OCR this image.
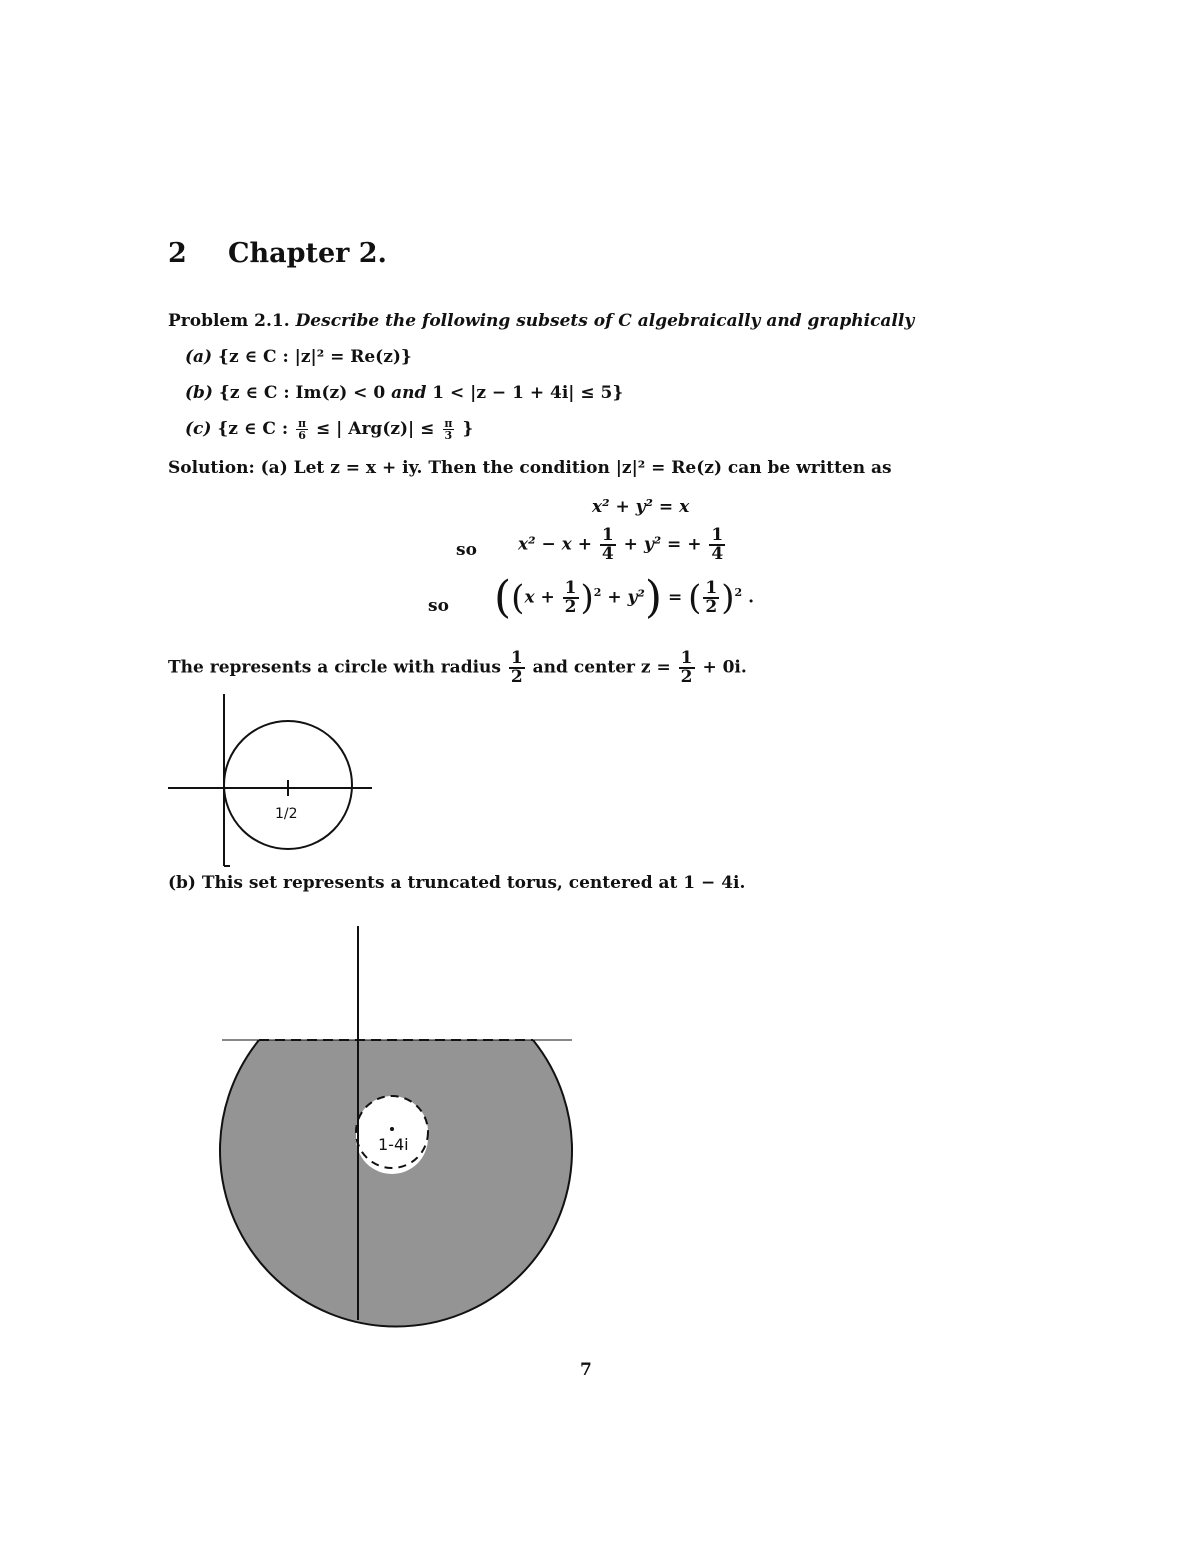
2 Chapter 2.
Problem 2.1. Describe the following subsets of C algebraically and graphically
(a) {z ∈ C : |z|² = Re(z)}
(b) {z ∈ C : Im(z) < 0 and 1 < |z − 1 + 4i| ≤ 5}
(c) {z ∈ C : $\frac{\pi}{6}$ ≤ | $Arg(z)| \le \frac{\pi}{3}$ }
Solution: (a) Let z = x + iy. Then the condition |z|² = Re(z) can be written as
x² + y² = x
so $x^2 - x + \frac{1}{4} + y^2$ = + $\frac{1}{4}$
so $((x + \frac{1}{2} )^2 + y^2)$ = ( $\frac{1}{2} )^2$ .
The represents a circle with radius $\frac{1}{2}$ and center $z = \frac{1}{2} + 0i$.
1/2
(b) This set represents a truncated torus, centered at 1 − 4i.
1-4i
7
